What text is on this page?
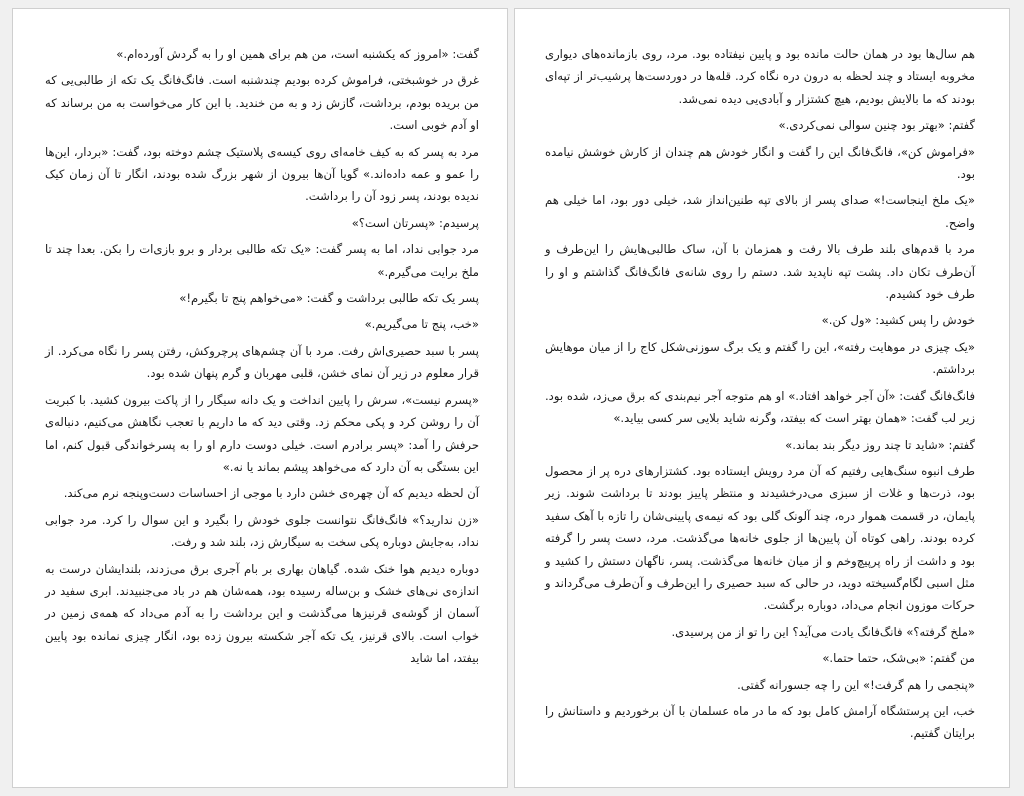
هم سال‌ها بود در همان حالت مانده بود و پایین نیفتاده بود. مرد، روی بازمانده‌های دیواری مخروبه ایستاد و چند لحظه به درون دره نگاه کرد. قله‌ها در دوردست‌ها پرشیب‌تر از تپه‌ای بودند که ما بالایش بودیم، هیچ کشتزار و آبادی‌یی دیده نمی‌شد.

گفتم: «بهتر بود چنین سوالی نمی‌کردی.»

«فراموش کن»، فانگ‌فانگ این را گفت و انگار خودش هم چندان از کارش خوشش نیامده بود.

«یک ملخ اینجاست!» صدای پسر از بالای تپه طنین‌انداز شد، خیلی دور بود، اما خیلی هم واضح.

مرد با قدم‌های بلند طرف بالا رفت و همزمان با آن، ساک طالبی‌هایش را این‌طرف و آن‌طرف تکان داد. پشت تپه ناپدید شد. دستم را روی شانه‌ی فانگ‌فانگ گذاشتم و او را طرف خود کشیدم.

خودش را پس کشید: «ول کن.»

«یک چیزی در موهایت رفته»، این را گفتم و یک برگ سوزنی‌شکل کاج را از میان موهایش برداشتم.

فانگ‌فانگ گفت: «آن آجر خواهد افتاد.» او هم متوجه آجر نیم‌بندی که برق می‌زد، شده بود. زیر لب گفت: «همان بهتر است که بیفتد، وگرنه شاید بلایی سر کسی بیاید.»

گفتم: «شاید تا چند روز دیگر بند بماند.»

طرف انبوه سنگ‌هایی رفتیم که آن مرد رویش ایستاده بود. کشتزارهای دره پر از محصول بود، ذرت‌ها و غلات از سبزی می‌درخشیدند و منتظر پاییز بودند تا برداشت شوند. زیر پایمان، در قسمت هموار دره، چند آلونک گلی بود که نیمه‌ی پایینی‌شان را تازه با آهک سفید کرده بودند. راهی کوتاه آن پایین‌ها از جلوی خانه‌ها می‌گذشت. مرد، دست پسر را گرفته بود و داشت از راه پرپیچ‌وخم و از میان خانه‌ها می‌گذشت. پسر، ناگهان دستش را کشید و مثل اسبی لگام‌گسیخته دوید، در حالی که سبد حصیری را این‌طرف و آن‌طرف می‌گرداند و حرکات موزون انجام می‌داد، دوباره برگشت.

«ملخ گرفته؟» فانگ‌فانگ یادت می‌آید؟ این را تو از من پرسیدی.

من گفتم: «بی‌شک، حتما حتما.»

«پنجمی را هم گرفت!» این را چه جسورانه گفتی.

خب، این پرستشگاه آرامش کامل بود که ما در ماه عسلمان با آن برخوردیم و داستانش را برایتان گفتیم.

گفت: «امروز که یکشنبه است، من هم برای همین او را به گردش آورده‌ام.»

غرق در خوشبختی، فراموش کرده بودیم چندشنبه است. فانگ‌فانگ یک تکه از طالبی‌یی که من بریده بودم، برداشت، گازش زد و به من خندید. با این کار می‌خواست به من برساند که او آدم خوبی است.

مرد به پسر که به کیف خامه‌ای روی کیسه‌ی پلاستیک چشم دوخته بود، گفت: «بردار، این‌ها را عمو و عمه داده‌اند.» گویا آن‌ها بیرون از شهر بزرگ شده بودند، انگار تا آن زمان کیک ندیده بودند، پسر زود آن را برداشت.

پرسیدم: «پسرتان است؟»

مرد جوابی نداد، اما به پسر گفت: «یک تکه طالبی بردار و برو بازی‌ات را بکن. بعدا چند تا ملخ برایت می‌گیرم.»

پسر یک تکه طالبی برداشت و گفت: «می‌خواهم پنج تا بگیرم!»

«خب، پنج تا می‌گیریم.»

پسر با سبد حصیری‌اش رفت. مرد با آن چشم‌های پرچروکش، رفتن پسر را نگاه می‌کرد. از قرار معلوم در زیر آن نمای خشن، قلبی مهربان و گرم پنهان شده بود.

«پسرم نیست»، سرش را پایین انداخت و یک دانه سیگار را از پاکت بیرون کشید. با کبریت آن را روشن کرد و پکی محکم زد. وقتی دید که ما داریم با تعجب نگاهش می‌کنیم، دنباله‌ی حرفش را آمد: «پسر برادرم است. خیلی دوست دارم او را به پسرخواندگی قبول کنم، اما این بستگی به آن دارد که می‌خواهد پیشم بماند یا نه.»

آن لحظه دیدیم که آن چهره‌ی خشن دارد با موجی از احساسات دست‌وپنجه نرم می‌کند.

«زن ندارید؟» فانگ‌فانگ نتوانست جلوی خودش را بگیرد و این سوال را کرد. مرد جوابی نداد، به‌جایش دوباره پکی سخت به سیگارش زد، بلند شد و رفت.

دوباره دیدیم هوا خنک شده. گیاهان بهاری بر بام آجری برق می‌زدند، بلندایشان درست به اندازه‌ی نی‌های خشک و بن‌ساله رسیده بود، همه‌شان هم در باد می‌جنبیدند. ابری سفید در آسمان از گوشه‌ی قرنیزها می‌گذشت و این برداشت را به آدم می‌داد که همه‌ی زمین در خواب است. بالای قرنیز، یک تکه آجر شکسته بیرون زده بود، انگار چیزی نمانده بود پایین بیفتد، اما شاید
